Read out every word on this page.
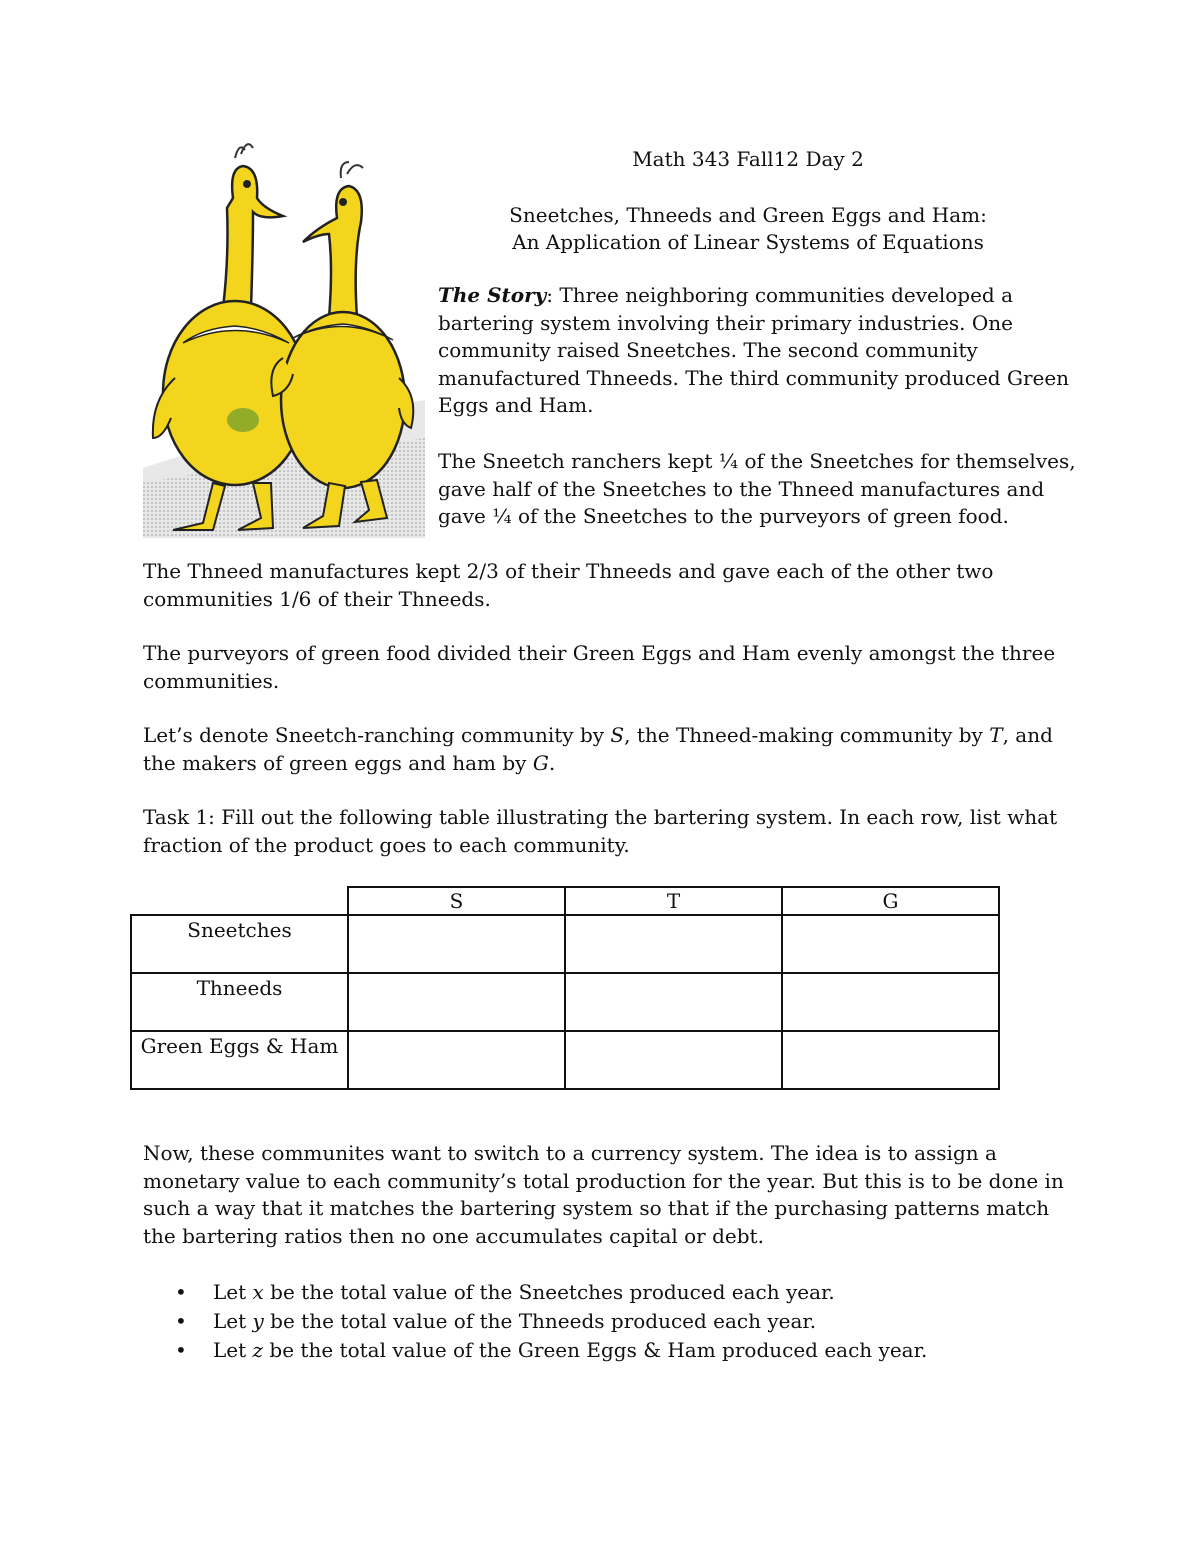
Math 343 Fall12 Day 2

Sneetches, Thneeds and Green Eggs and Ham:

An Application of Linear Systems of Equations

The Story: Three neighboring communities developed a bartering system involving their primary industries. One community raised Sneetches. The second community manufactured Thneeds. The third community produced Green Eggs and Ham.

The Sneetch ranchers kept ¼ of the Sneetches for themselves, gave half of the Sneetches to the Thneed manufactures and gave ¼ of the Sneetches to the purveyors of green food.

The Thneed manufactures kept 2/3 of their Thneeds and gave each of the other two communities 1/6 of their Thneeds.

The purveyors of green food divided their Green Eggs and Ham evenly amongst the three communities.

Let’s denote Sneetch-ranching community by S, the Thneed-making community by T, and the makers of green eggs and ham by G.

Task 1: Fill out the following table illustrating the bartering system. In each row, list what fraction of the product goes to each community.

	S	T	G
Sneetches			
Thneeds			
Green Eggs & Ham			

Now, these communites want to switch to a currency system. The idea is to assign a monetary value to each community’s total production for the year. But this is to be done in such a way that it matches the bartering system so that if the purchasing patterns match the bartering ratios then no one accumulates capital or debt.

• Let x be the total value of the Sneetches produced each year.
• Let y be the total value of the Thneeds produced each year.
• Let z be the total value of the Green Eggs & Ham produced each year.
